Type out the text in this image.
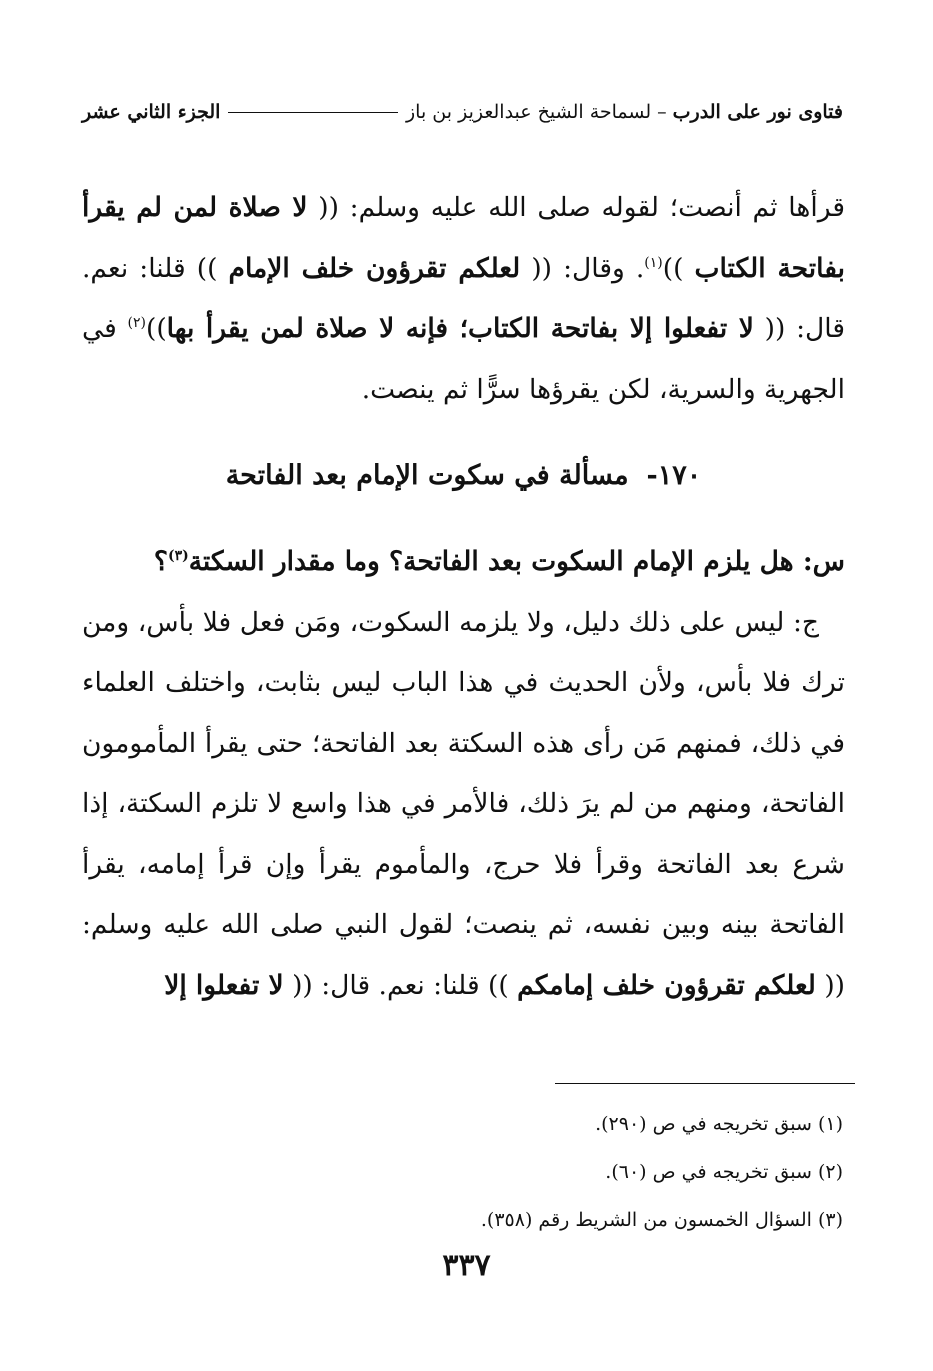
فتاوى نور على الدرب
–
لسماحة الشيخ عبدالعزيز بن باز
الجزء الثاني عشر

قرأها ثم أنصت؛ لقوله صلى الله عليه وسلم: (( لا صلاة لمن لم يقرأ بفاتحة الكتاب ))$^{(١)}$. وقال: (( لعلكم تقرؤون خلف الإمام )) قلنا: نعم. قال: (( لا تفعلوا إلا بفاتحة الكتاب؛ فإنه لا صلاة لمن يقرأ بها))$^{(٢)}$ في الجهرية والسرية، لكن يقرؤها سرًّا ثم ينصت.

١٧٠-مسألة في سكوت الإمام بعد الفاتحة

س: هل يلزم الإمام السكوت بعد الفاتحة؟ وما مقدار السكتة$^{(٣)}$؟

ج: ليس على ذلك دليل، ولا يلزمه السكوت، ومَن فعل فلا بأس، ومن ترك فلا بأس، ولأن الحديث في هذا الباب ليس بثابت، واختلف العلماء في ذلك، فمنهم مَن رأى هذه السكتة بعد الفاتحة؛ حتى يقرأ المأمومون الفاتحة، ومنهم من لم يرَ ذلك، فالأمر في هذا واسع لا تلزم السكتة، إذا شرع بعد الفاتحة وقرأ فلا حرج، والمأموم يقرأ وإن قرأ إمامه، يقرأ الفاتحة بينه وبين نفسه، ثم ينصت؛ لقول النبي صلى الله عليه وسلم: (( لعلكم تقرؤون خلف إمامكم )) قلنا: نعم. قال: (( لا تفعلوا إلا

(١) سبق تخريجه في ص (٢٩٠).
(٢) سبق تخريجه في ص (٦٠).
(٣) السؤال الخمسون من الشريط رقم (٣٥٨).
٣٣٧
